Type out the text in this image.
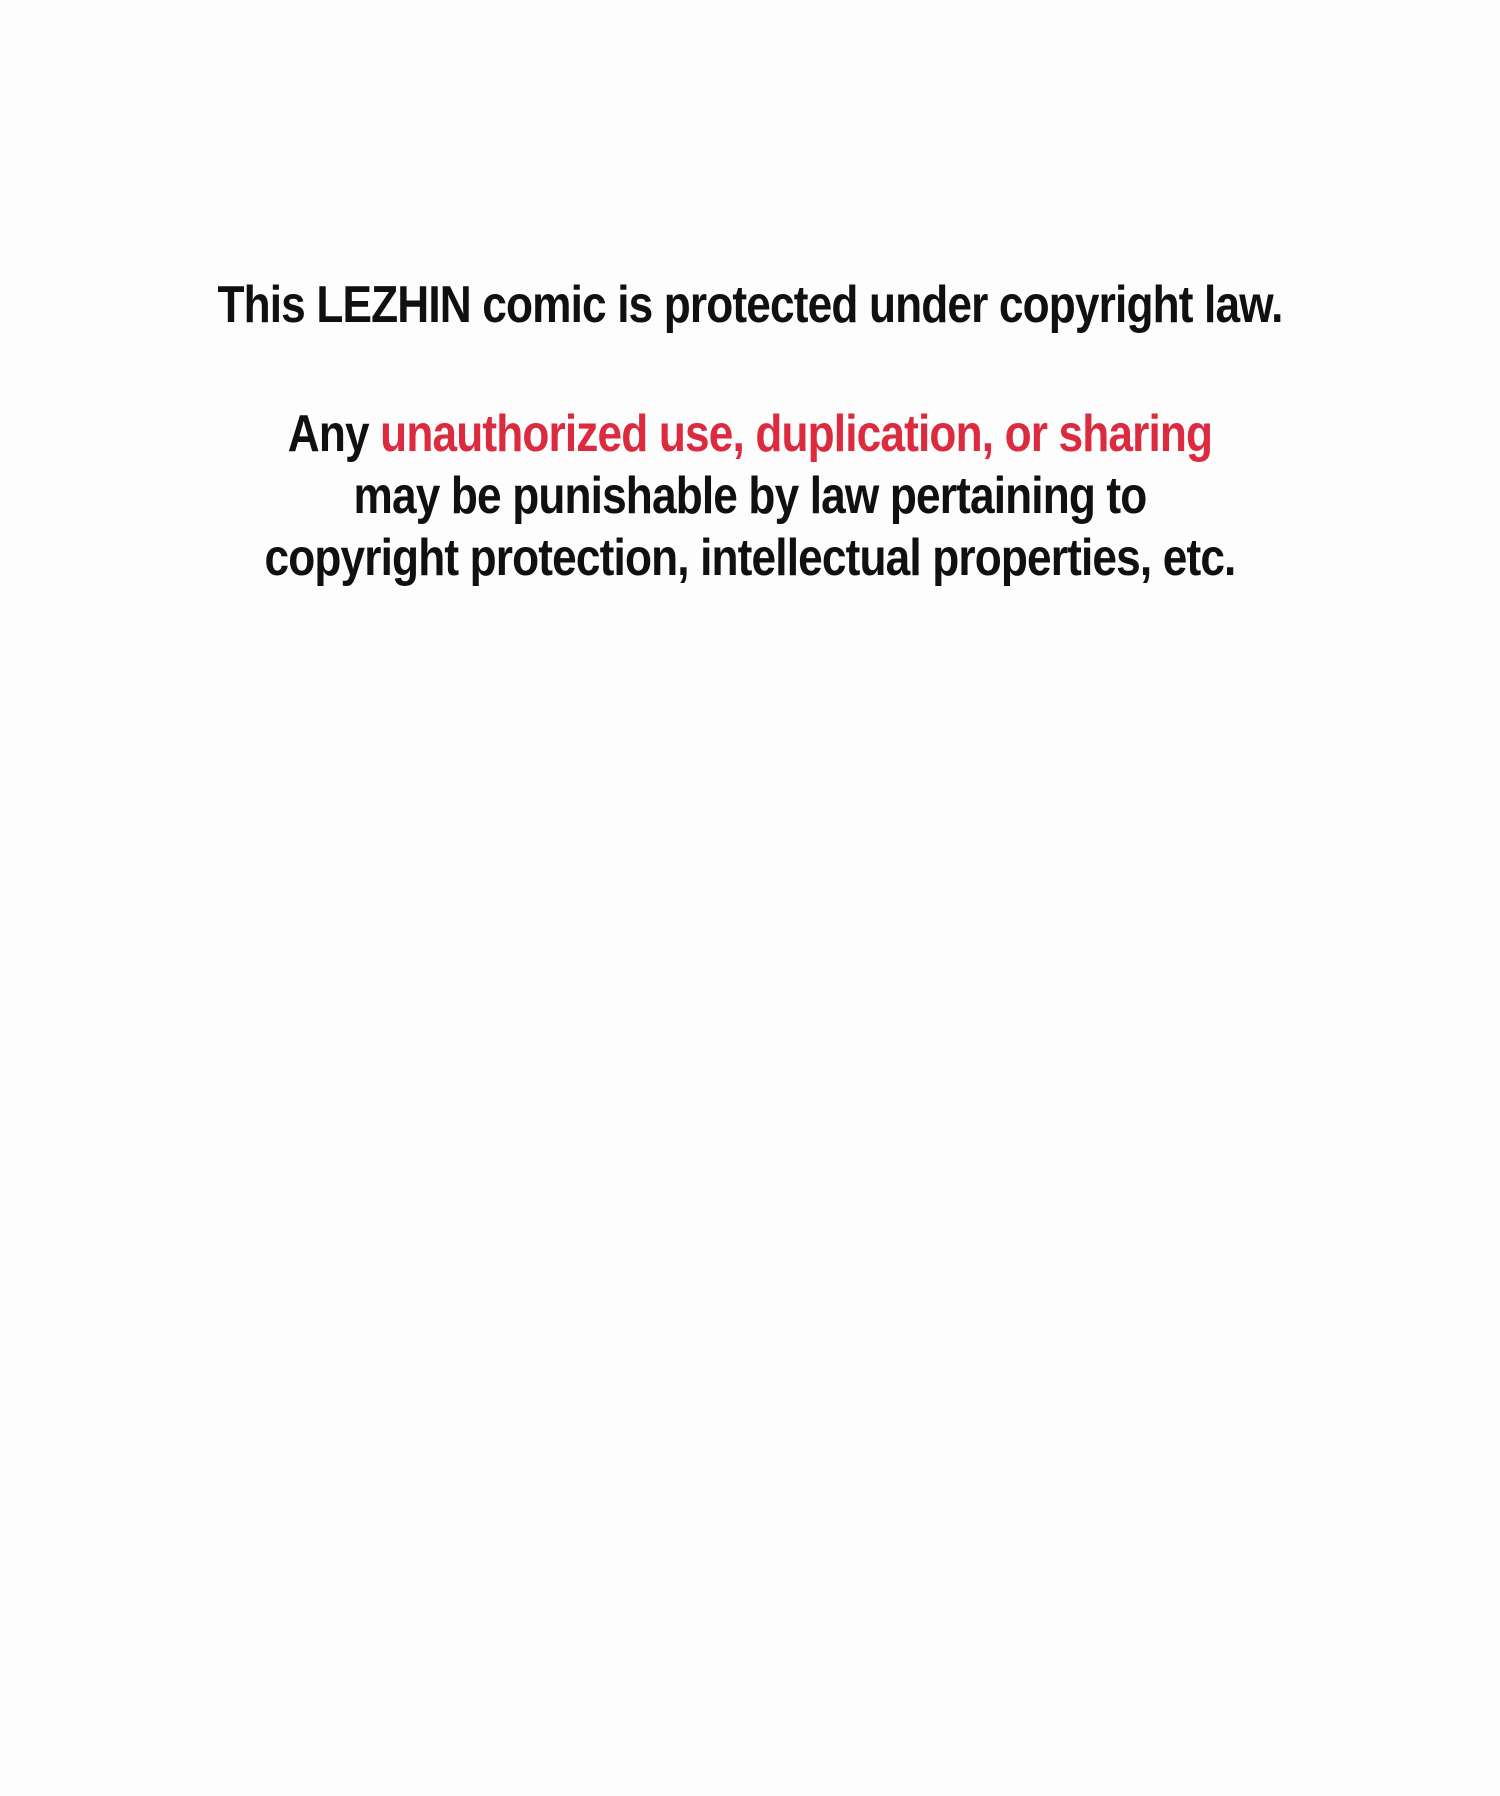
This LEZHIN comic is protected under copyright law.
Any unauthorized use, duplication, or sharing
may be punishable by law pertaining to
copyright protection, intellectual properties, etc.
